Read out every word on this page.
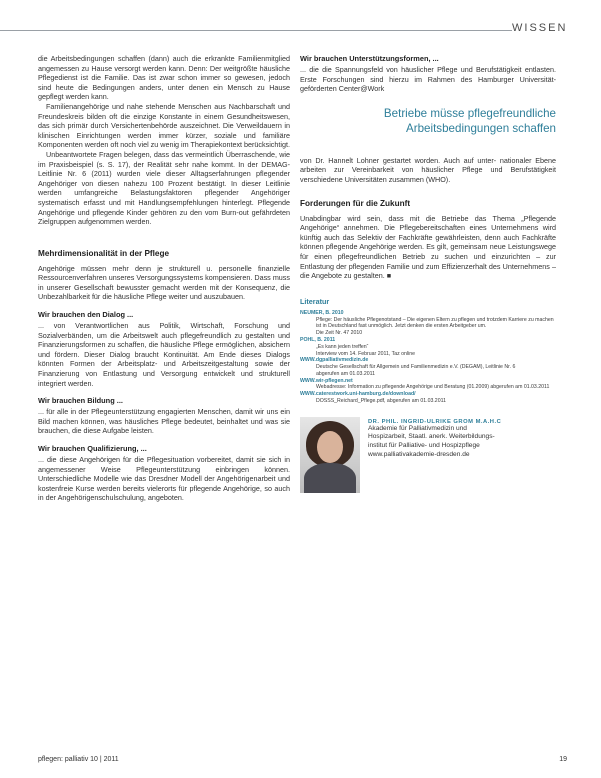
WISSEN

die Arbeitsbedingungen schaffen (dann) auch die erkrankte Familienmitglied angemessen zu Hause versorgt werden kann. Denn: Der weitgrößte häusliche Pflegedienst ist die Familie. Das ist zwar schon immer so gewesen, jedoch sind heute die Bedingungen anders, unter denen ein Mensch zu Hause gepflegt werden kann.

Familienangehörige und nahe stehende Menschen aus Nachbarschaft und Freundeskreis bilden oft die einzige Konstante in einem Gesundheitswesen, das sich primär durch Versichertenbehörde auszeichnet. Die Verweildauern in klinischen Einrichtungen werden immer kürzer, soziale und familiäre Komponenten werden oft noch viel zu wenig im Therapiekontext berücksichtigt.

Unbeantwortete Fragen belegen, dass das vermeintlich Überraschende, wie im Praxisbeispiel (s. S. 17), der Realität sehr nahe kommt. In der DEMAG-Leitlinie Nr. 6 (2011) wurden viele dieser Alltagserfahrungen pflegender Angehöriger von diesen nahezu 100 Prozent bestätigt. In dieser Leitlinie werden umfangreiche Belastungsfaktoren pflegender Angehöriger systematisch erfasst und mit Handlungsempfehlungen hinterlegt. Pflegende Angehörige und pflegende Kinder gehören zu den vom Burn-out gefährdeten Zielgruppen aufgenommen werden.

Mehrdimensionalität in der Pflege

Angehörige müssen mehr denn je strukturell u. personelle finanzielle Ressourcenverfahren unseres Versorgungssystems kompensieren. Dass muss in unserer Gesellschaft bewusster gemacht werden mit der Konsequenz, die Unbezahlbarkeit für die häusliche Pflege weiter und auszubauen.

Wir brauchen den Dialog ...

... von Verantwortlichen aus Politik, Wirtschaft, Forschung und Sozialverbänden, um die Arbeitswelt auch pflegefreundlich zu gestalten und Finanzierungsformen zu schaffen, die häusliche Pflege ermöglichen, absichern und fördern. Dieser Dialog braucht Kontinuität. Am Ende dieses Dialogs könnten Formen der Arbeitsplatz- und Arbeitszeitgestaltung sowie der Finanzierung von Entlastung und Versorgung entwickelt und strukturell integriert werden.

Wir brauchen Bildung ...

... für alle in der Pflegeunterstützung engagierten Menschen, damit wir uns ein Bild machen können, was häusliches Pflege bedeutet, beinhaltet und was sie brauchen, die diese Aufgabe leisten.

Wir brauchen Qualifizierung, ...

... die diese Angehörigen für die Pflegesituation vorbereitet, damit sie sich in angemessener Weise Pflegeunterstützung einbringen können. Unterschiedliche Modelle wie das Dresdner Modell der Angehörigenarbeit und kostenfreie Kurse werden bereits vielerorts für pflegende Angehörige, so auch in der Angehörigenschulschulung, angeboten.

Wir brauchen Unterstützungsformen, ...

... die die Spannungsfeld von häuslicher Pflege und Berufstätigkeit entlasten. Erste Forschungen sind hierzu im Rahmen des Hamburger Universität-geförderten Center@Work

Betriebe müsse pflegefreundliche Arbeitsbedingungen schaffen

von Dr. Hannelt Lohner gestartet worden. Auch auf unter- nationaler Ebene arbeiten zur Vereinbarkeit von häuslicher Pflege und Berufstätigkeit verschiedene Universitäten zusammen (WHO).

Forderungen für die Zukunft

Unabdingbar wird sein, dass mit die Betriebe das Thema „Pflegende Angehörige“ annehmen. Die Pflegebereitschaften eines Unternehmens wird künftig auch das Selektiv der Fachkräfte gewährleisten, denn auch Fachkräfte können pflegende Angehörige werden. Es gilt, gemeinsam neue Leistungswege für einen pflegefreundlichen Betrieb zu suchen und einzurichten – zur Entlastung der pflegenden Familie und zum Effizienzerhalt des Unternehmens – die Angebote zu gestalten. ■

Literatur
NEUMER, B. 2010
Pflege: Der häusliche Pflegenotstand – Die eigenen Eltern zu pflegen und trotzdem Karriere zu machen ist in Deutschland fast unmöglich. Jetzt denken die ersten Arbeitgeber um.
Die Zeit Nr. 47 2010
POHL, B. 2011
„Es kann jeden treffen“
Interview vom 14. Februar 2011, Taz online
WWW.dgpalliativmedizin.de
Deutsche Gesellschaft für Allgemein und Familienmedizin e.V. (DEGAM), Leitlinie Nr. 6
abgerufen am 01.03.2011
WWW.wir-pflegen.net
Webadresse: Information zu pflegende Angehörige und Beratung (01.2009) abgerufen am 01.03.2011
WWW.caterestwork.uni-hamburg.de/download/
DOSSS_Reichard_Pflege.pdf, abgerufen am 01.03.2011
DR. PHIL. INGRID-ULRIKE GROM M.A.H.C
Akademie für Palliativmedizin und
Hospizarbeit, Staatl. anerk. Weiterbildungs-
institut für Palliative- und Hospizpflege
www.palliativakademie-dresden.de
pflegen: palliativ 10 | 2011	19
